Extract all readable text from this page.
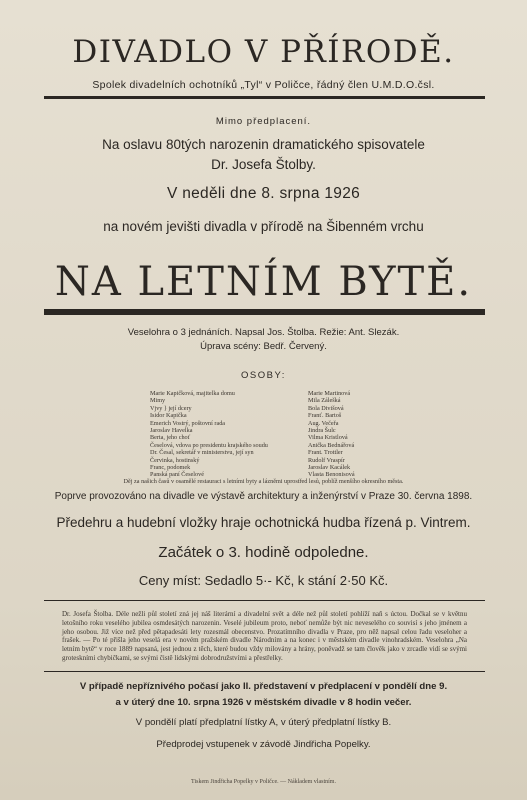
DIVADLO V PŘÍRODĚ.
Spolek divadelních ochotníků „Tyl“ v Poličce, řádný člen U.M.D.O.čsl.
Mimo předplacení.
Na oslavu 80tých narozenin dramatického spisovatele
Dr. Josefa Štolby.
V neděli dne 8. srpna 1926
na novém jevišti divadla v přírodě na Šibenném vrchu
NA LETNÍM BYTĚ.
Veselohra o 3 jednáních. Napsal Jos. Štolba. Režie: Ant. Slezák.
Úprava scény: Bedř. Červený.
OSOBY:
Marie Kapičková, majitelka domu
Mimy
Vjvy } její dcery
Isidor Kapička
Emerich Vostrý, poštovní rada
Jaroslav Havelka
Berta, jeho choť
Česelová, vdova po presidentu krajského soudu
Dr. Česal, sekretář v ministerstvu, její syn
Červinka, hostinský
Franc, podomek
Panská paní Česelové
Marie Martinová
Mila Zálešká
Bola Divišová
Franť. Bartoš
Aug. Večeřa
Jindra Šulc
Vilma Kristlová
Anička Bednářová
Frant. Trottler
Rudolf Vraspír
Jaroslav Kacálek
Vlasta Benonisová
Děj za našich časů v osamělé restauraci s letními byty a lázněmi uprostřed lesů, poblíž menšího okresního města.
Poprve provozováno na divadle ve výstavě architektury a inženýrství v Praze 30. června 1898.
Předehru a hudební vložky hraje ochotnická hudba řízená p. Vintrem.
Začátek o 3. hodině odpoledne.
Ceny míst: Sedadlo 5·- Kč, k stání 2·50 Kč.
Dr. Josefa Štolba. Déle nežli půl století zná jej náš literární a divadelní svět a déle než půl století pohlíží naň s úctou. Dočkal se v květnu letošního roku veselého jubilea osmdesátých narozenin. Veselé jubileum proto, neboť nemůže být nic neveselého co souvisí s jeho jménem a jeho osobou. Již více než před pětapadesáti lety rozesmál obecenstvo. Prozatímního divadla v Praze, pro něž napsal celou řadu veseloher a frašek. — Po té přišla jeho veselá era v novém pražském divadle Národním a na konec i v městském divadle vinohradském. Veselohra „Na letním bytě“ v roce 1889 napsaná, jest jednou z těch, které budou vždy milovány a hrány, poněvadž se tam člověk jako v zrcadle vidí se svými groteskními chybičkami, se svými čistě lidskými dobrodružstvími a přestřelky.
V případě nepříznivého počasí jako II. představení v předplacení v pondělí dne 9.
a v úterý dne 10. srpna 1926 v městském divadle v 8 hodin večer.
V pondělí platí předplatní lístky A, v úterý předplatní lístky B.
Předprodej vstupenek v závodě Jindřicha Popelky.
Tiskem Jindřicha Popelky v Poličce. — Nákladem vlastním.
